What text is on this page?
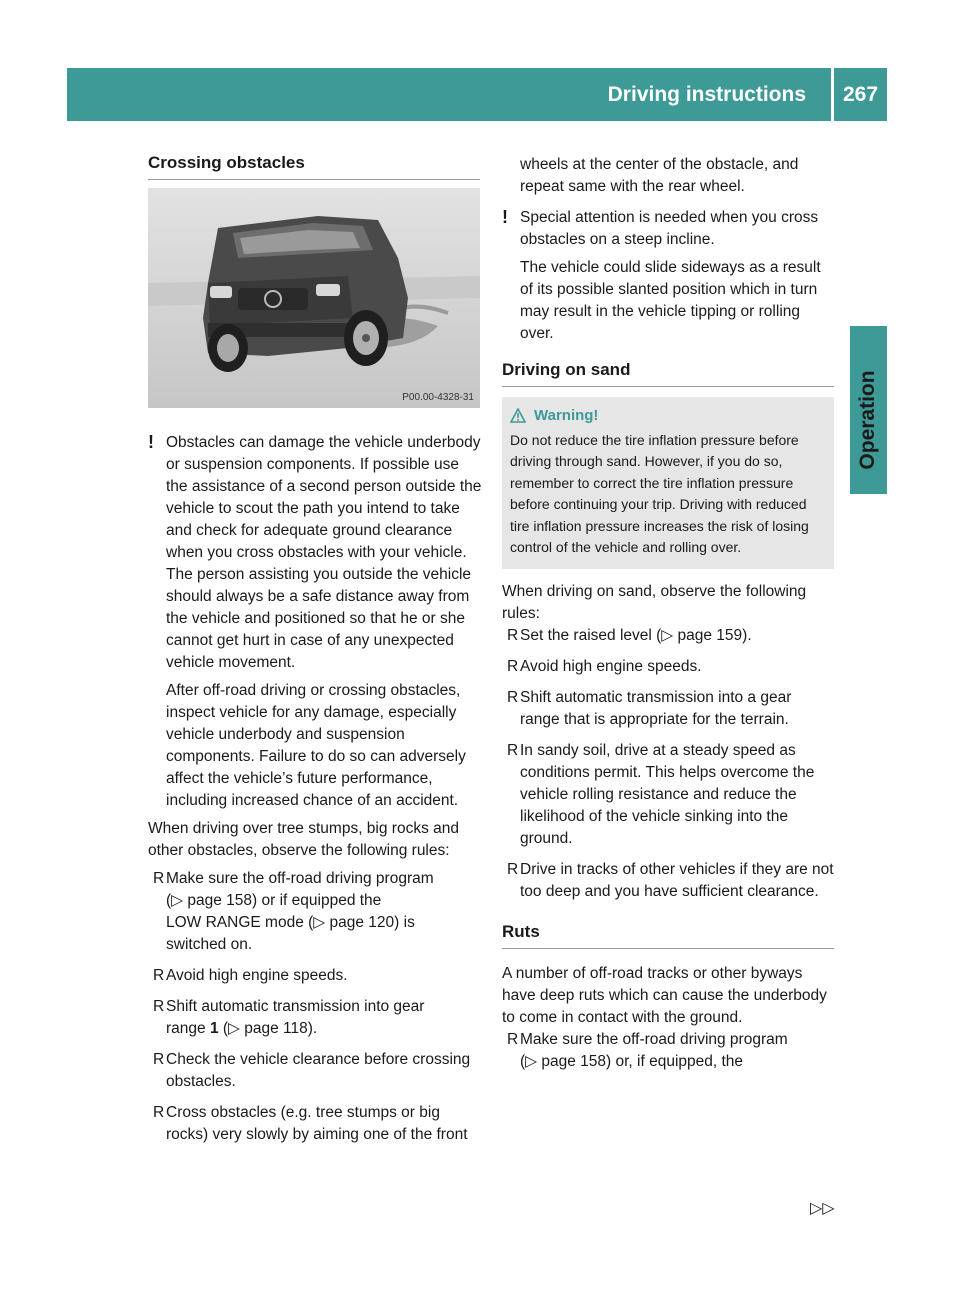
Driving instructions 267
Operation

Crossing obstacles

P00.00-4328-31
! Obstacles can damage the vehicle underbody or suspension components. If possible use the assistance of a second person outside the vehicle to scout the path you intend to take and check for adequate ground clearance when you cross obstacles with your vehicle. The person assisting you outside the vehicle should always be a safe distance away from the vehicle and positioned so that he or she cannot get hurt in case of any unexpected vehicle movement.

After off-road driving or crossing obstacles, inspect vehicle for any damage, especially vehicle underbody and suspension components. Failure to do so can adversely affect the vehicle’s future performance, including increased chance of an accident.

When driving over tree stumps, big rocks and other obstacles, observe the following rules:

R Make sure the off-road driving program
(▷ page 158) or if equipped the
LOW RANGE mode (▷ page 120) is
switched on.

R Avoid high engine speeds.

R Shift automatic transmission into gear
range 1 (▷ page 118).

R Check the vehicle clearance before crossing obstacles.

R Cross obstacles (e.g. tree stumps or big rocks) very slowly by aiming one of the front

wheels at the center of the obstacle, and repeat same with the rear wheel.

! Special attention is needed when you cross obstacles on a steep incline.

The vehicle could slide sideways as a result of its possible slanted position which in turn may result in the vehicle tipping or rolling over.

Driving on sand

Warning!

Do not reduce the tire inflation pressure before driving through sand. However, if you do so, remember to correct the tire inflation pressure before continuing your trip. Driving with reduced tire inflation pressure increases the risk of losing control of the vehicle and rolling over.

When driving on sand, observe the following rules:

R Set the raised level (▷ page 159).

R Avoid high engine speeds.

R Shift automatic transmission into a gear range that is appropriate for the terrain.

R In sandy soil, drive at a steady speed as conditions permit. This helps overcome the vehicle rolling resistance and reduce the likelihood of the vehicle sinking into the ground.

R Drive in tracks of other vehicles if they are not too deep and you have sufficient clearance.

Ruts

A number of off-road tracks or other byways have deep ruts which can cause the underbody to come in contact with the ground.

R Make sure the off-road driving program
(▷ page 158) or, if equipped, the

▷▷
